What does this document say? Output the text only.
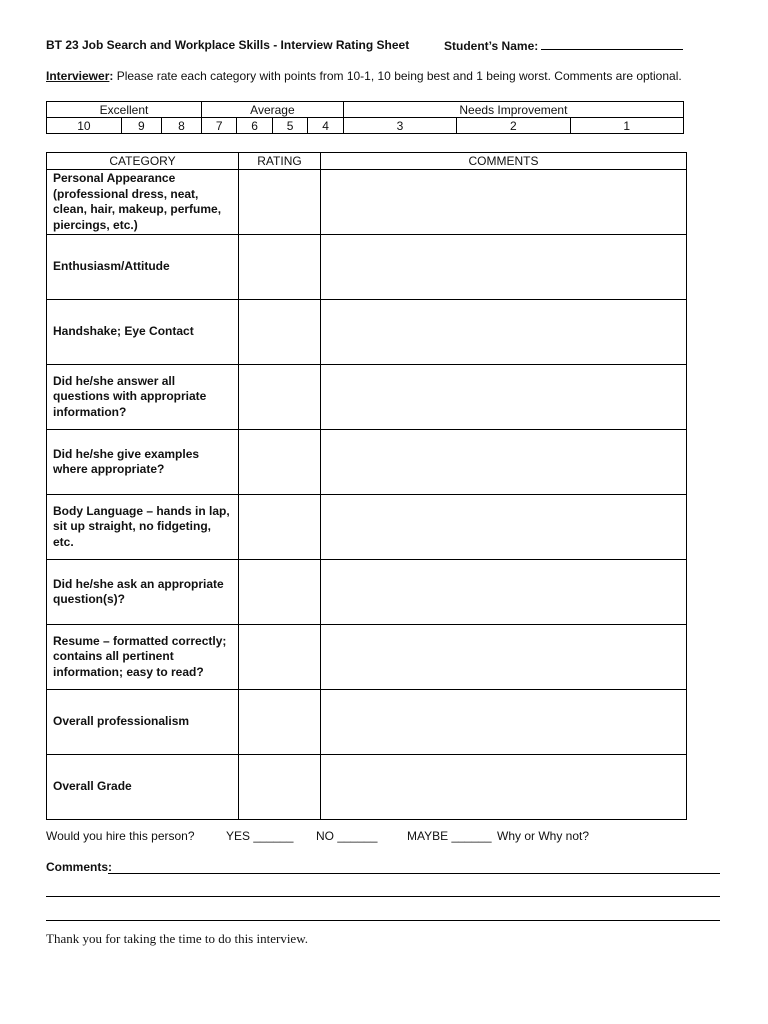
BT 23 Job Search and Workplace Skills - Interview Rating Sheet	Student’s Name:
Interviewer: Please rate each category with points from 10-1, 10 being best and 1 being worst. Comments are optional.
Excellent			Average				Needs Improvement		
10	9	8	7	6	5	4	3	2	1
CATEGORY	RATING	COMMENTS
Personal Appearance (professional dress, neat, clean, hair, makeup, perfume, piercings, etc.)		
Enthusiasm/Attitude		
Handshake; Eye Contact		
Did he/she answer all questions with appropriate information?		
Did he/she give examples where appropriate?		
Body Language – hands in lap, sit up straight, no fidgeting, etc.		
Did he/she ask an appropriate question(s)?		
Resume – formatted correctly; contains all pertinent information; easy to read?		
Overall professionalism		
Overall Grade		
Would you hire this person?	YES ______ NO ______ MAYBE ______ Why or Why not?
Comments:
Thank you for taking the time to do this interview.
